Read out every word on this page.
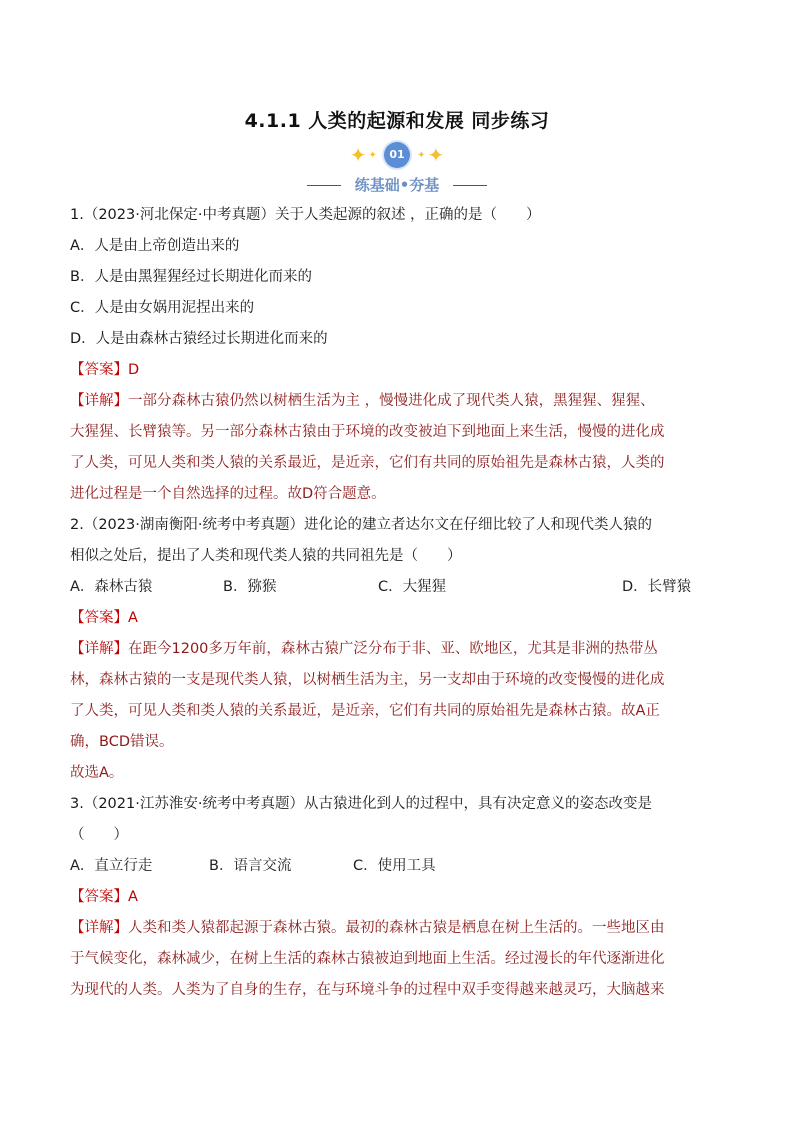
4.1.1 人类的起源和发展 同步练习
✦ ✦ 01 ✦ ✦
练基础•夯基

1.（2023·河北保定·中考真题）关于人类起源的叙述 ，正确的是（　　）

A．人是由上帝创造出来的

B．人是由黑猩猩经过长期进化而来的

C．人是由女娲用泥捏出来的

D．人是由森林古猿经过长期进化而来的

【答案】D

【详解】一部分森林古猿仍然以树栖生活为主 ，慢慢进化成了现代类人猿，黑猩猩、猩猩、

大猩猩、长臂猿等。另一部分森林古猿由于环境的改变被迫下到地面上来生活，慢慢的进化成

了人类，可见人类和类人猿的关系最近，是近亲，它们有共同的原始祖先是森林古猿，人类的

进化过程是一个自然选择的过程。故D符合题意。

2.（2023·湖南衡阳·统考中考真题）进化论的建立者达尔文在仔细比较了人和现代类人猿的

相似之处后，提出了人类和现代类人猿的共同祖先是（　　）

A．森林古猿	B．猕猴	C．大猩猩	D．长臂猿

【答案】A

【详解】在距今1200多万年前，森林古猿广泛分布于非、亚、欧地区，尤其是非洲的热带丛

林，森林古猿的一支是现代类人猿，以树栖生活为主，另一支却由于环境的改变慢慢的进化成

了人类，可见人类和类人猿的关系最近，是近亲，它们有共同的原始祖先是森林古猿。故A正

确，BCD错误。

故选A。

3.（2021·江苏淮安·统考中考真题）从古猿进化到人的过程中，具有决定意义的姿态改变是

（　　）

A．直立行走	B．语言交流	C．使用工具

【答案】A

【详解】人类和类人猿都起源于森林古猿。最初的森林古猿是栖息在树上生活的。一些地区由

于气候变化，森林减少，在树上生活的森林古猿被迫到地面上生活。经过漫长的年代逐渐进化

为现代的人类。人类为了自身的生存，在与环境斗争的过程中双手变得越来越灵巧，大脑越来
